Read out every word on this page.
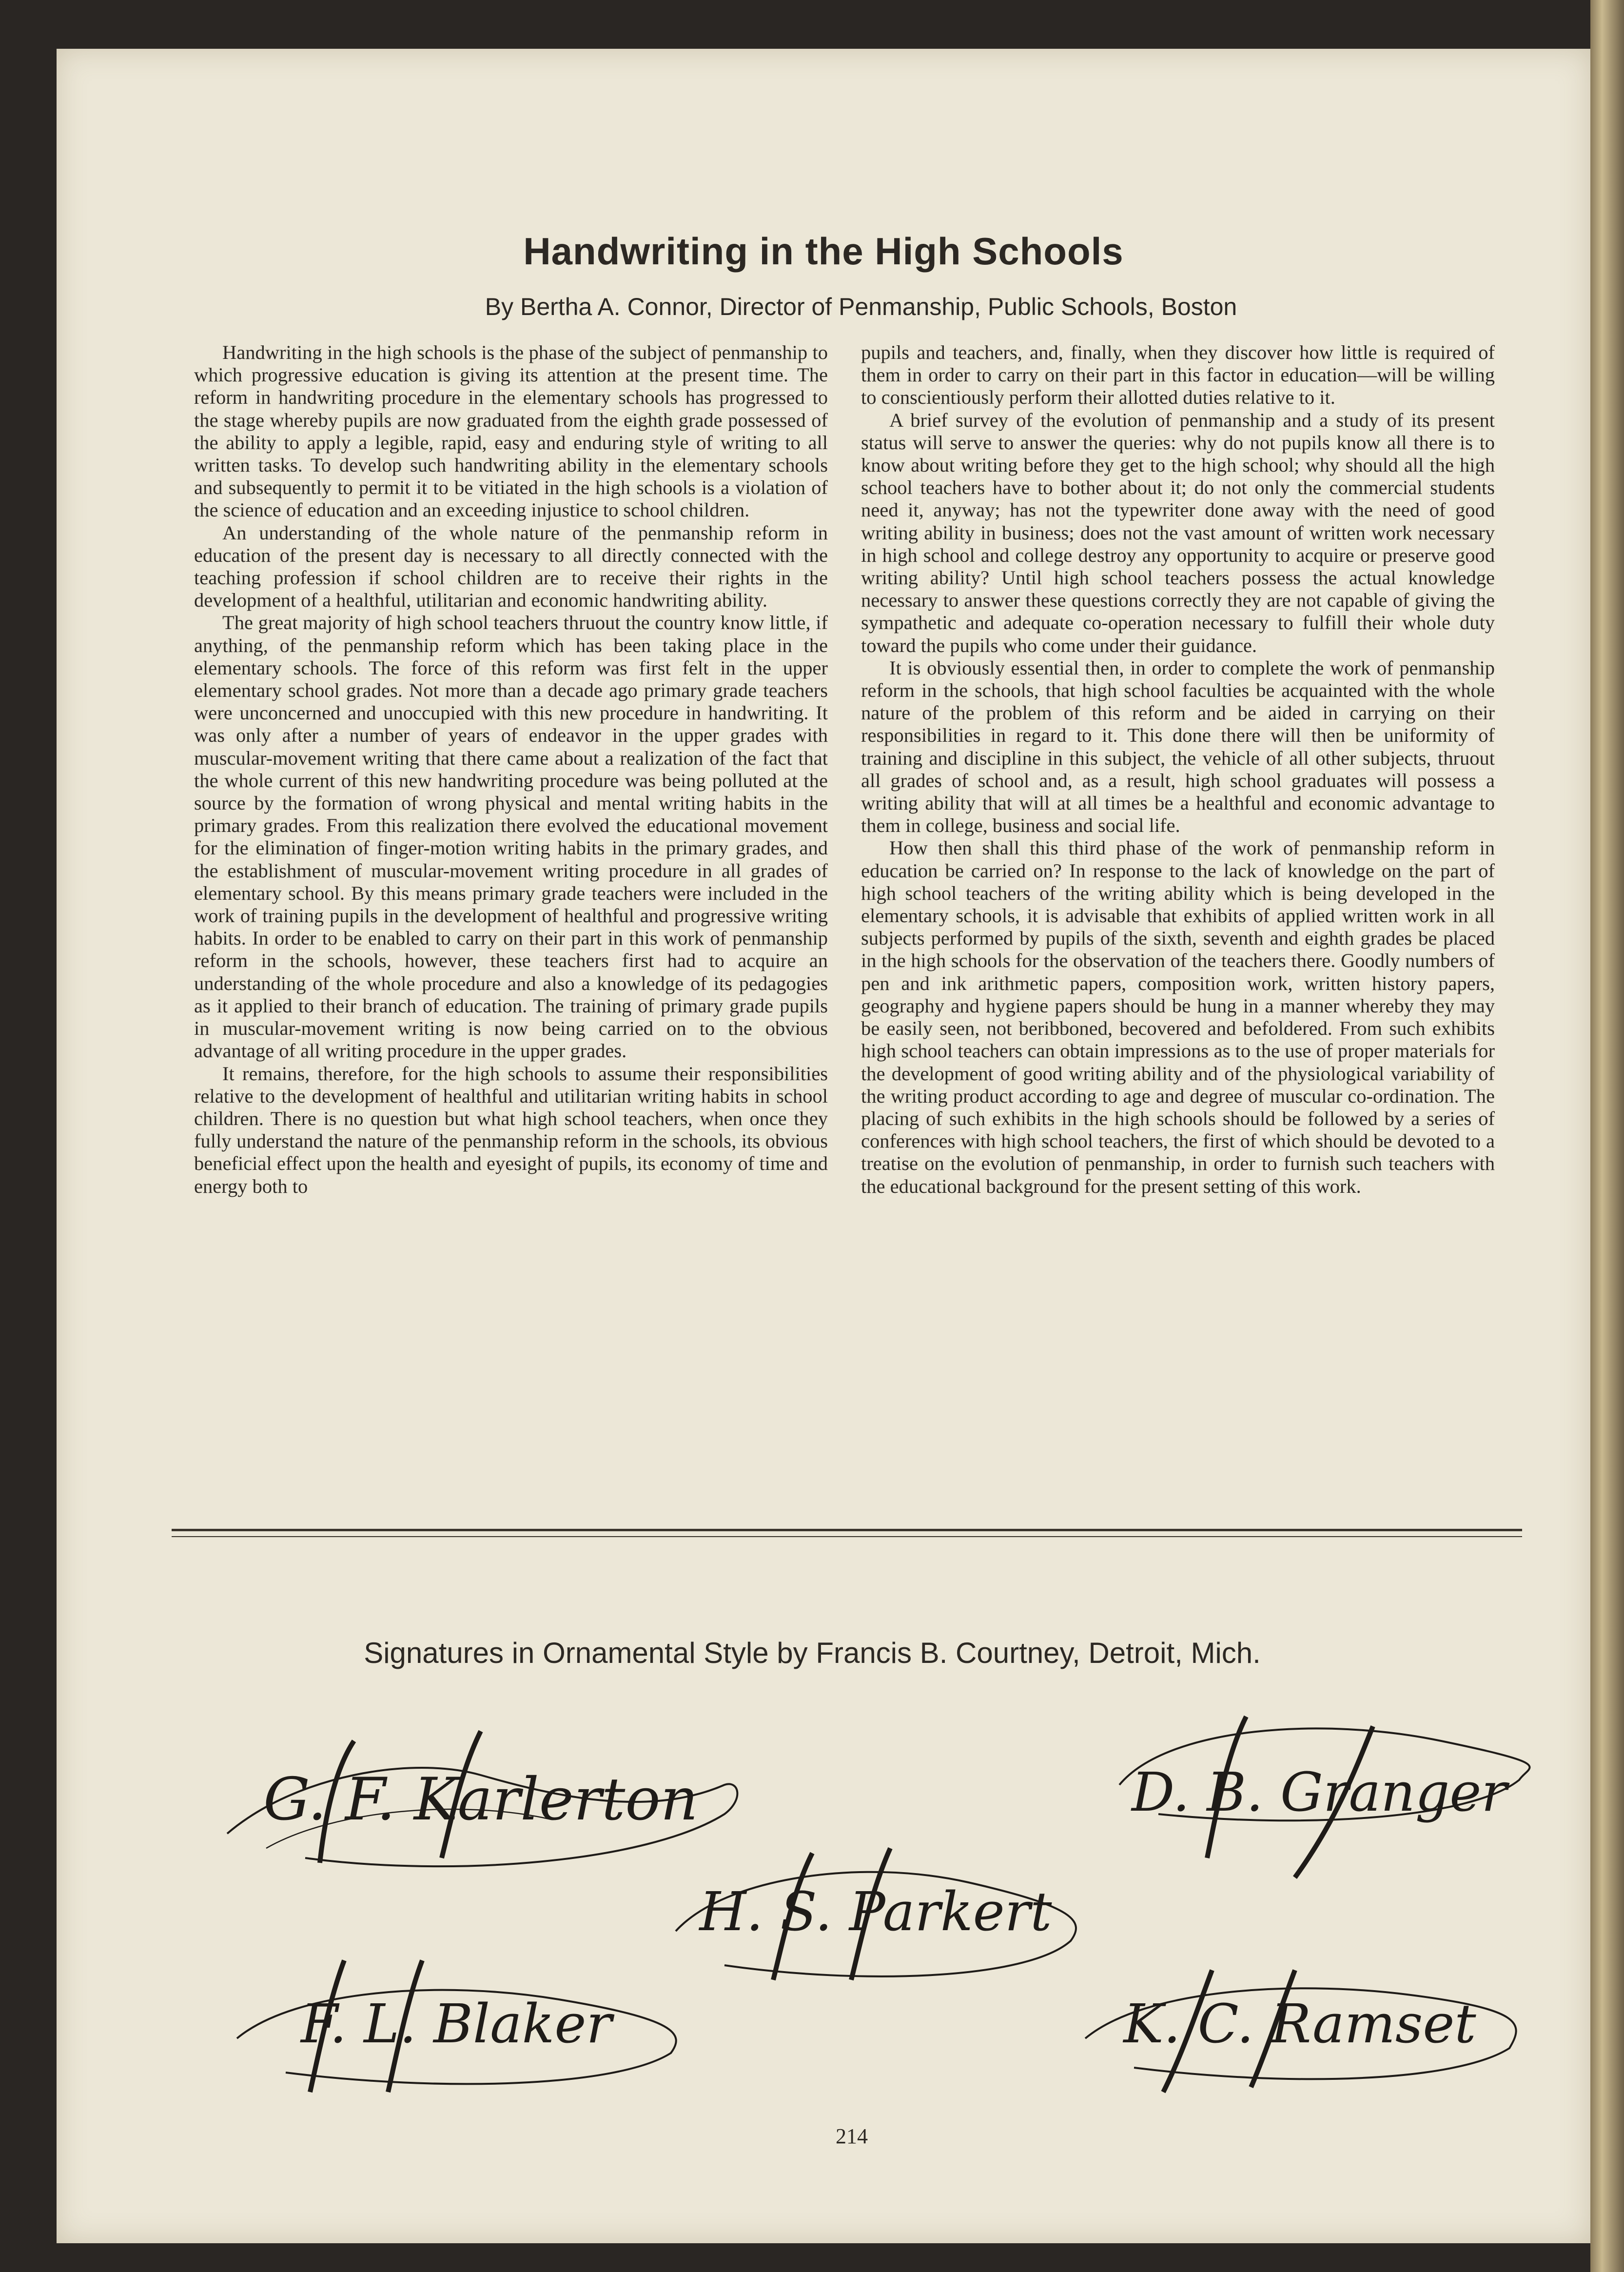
Handwriting in the High Schools
By Bertha A. Connor, Director of Penmanship, Public Schools, Boston

Handwriting in the high schools is the phase of the subject of penmanship to which progressive education is giving its attention at the present time. The reform in handwriting procedure in the elementary schools has progressed to the stage whereby pupils are now graduated from the eighth grade possessed of the ability to apply a legible, rapid, easy and enduring style of writing to all written tasks. To develop such handwriting ability in the elementary schools and subsequently to permit it to be vitiated in the high schools is a violation of the science of education and an exceeding injustice to school children.

An understanding of the whole nature of the penmanship reform in education of the present day is necessary to all directly connected with the teaching profession if school children are to receive their rights in the development of a healthful, utilitarian and economic handwriting ability.

The great majority of high school teachers thruout the country know little, if anything, of the penmanship reform which has been taking place in the elementary schools. The force of this reform was first felt in the upper elementary school grades. Not more than a decade ago primary grade teachers were unconcerned and unoccupied with this new procedure in handwriting. It was only after a number of years of endeavor in the upper grades with muscular-movement writing that there came about a realization of the fact that the whole current of this new handwriting procedure was being polluted at the source by the formation of wrong physical and mental writing habits in the primary grades. From this realization there evolved the educational movement for the elimination of finger-motion writing habits in the primary grades, and the establishment of muscular-movement writing procedure in all grades of elementary school. By this means primary grade teachers were included in the work of training pupils in the development of healthful and progressive writing habits. In order to be enabled to carry on their part in this work of penmanship reform in the schools, however, these teachers first had to acquire an understanding of the whole procedure and also a knowledge of its pedagogies as it applied to their branch of education. The training of primary grade pupils in muscular-movement writing is now being carried on to the obvious advantage of all writing procedure in the upper grades.

It remains, therefore, for the high schools to assume their responsibilities relative to the development of healthful and utilitarian writing habits in school children. There is no question but what high school teachers, when once they fully understand the nature of the penmanship reform in the schools, its obvious beneficial effect upon the health and eyesight of pupils, its economy of time and energy both to

pupils and teachers, and, finally, when they discover how little is required of them in order to carry on their part in this factor in education—will be willing to conscientiously perform their allotted duties relative to it.

A brief survey of the evolution of penmanship and a study of its present status will serve to answer the queries: why do not pupils know all there is to know about writing before they get to the high school; why should all the high school teachers have to bother about it; do not only the commercial students need it, anyway; has not the typewriter done away with the need of good writing ability in business; does not the vast amount of written work necessary in high school and college destroy any opportunity to acquire or preserve good writing ability? Until high school teachers possess the actual knowledge necessary to answer these questions correctly they are not capable of giving the sympathetic and adequate co-operation necessary to fulfill their whole duty toward the pupils who come under their guidance.

It is obviously essential then, in order to complete the work of penmanship reform in the schools, that high school faculties be acquainted with the whole nature of the problem of this reform and be aided in carrying on their responsibilities in regard to it. This done there will then be uniformity of training and discipline in this subject, the vehicle of all other subjects, thruout all grades of school and, as a result, high school graduates will possess a writing ability that will at all times be a healthful and economic advantage to them in college, business and social life.

How then shall this third phase of the work of penmanship reform in education be carried on? In response to the lack of knowledge on the part of high school teachers of the writing ability which is being developed in the elementary schools, it is advisable that exhibits of applied written work in all subjects performed by pupils of the sixth, seventh and eighth grades be placed in the high schools for the observation of the teachers there. Goodly numbers of pen and ink arithmetic papers, composition work, written history papers, geography and hygiene papers should be hung in a manner whereby they may be easily seen, not beribboned, becovered and befoldered. From such exhibits high school teachers can obtain impressions as to the use of proper materials for the development of good writing ability and of the physiological variability of the writing product according to age and degree of muscular co-ordination. The placing of such exhibits in the high schools should be followed by a series of conferences with high school teachers, the first of which should be devoted to a treatise on the evolution of penmanship, in order to furnish such teachers with the educational background for the present setting of this work.

Signatures in Ornamental Style by Francis B. Courtney, Detroit, Mich.
G. F. Karlerton	D. B. Granger
H. S. Parkert
F. L. Blaker	K. C. Ramset
214
